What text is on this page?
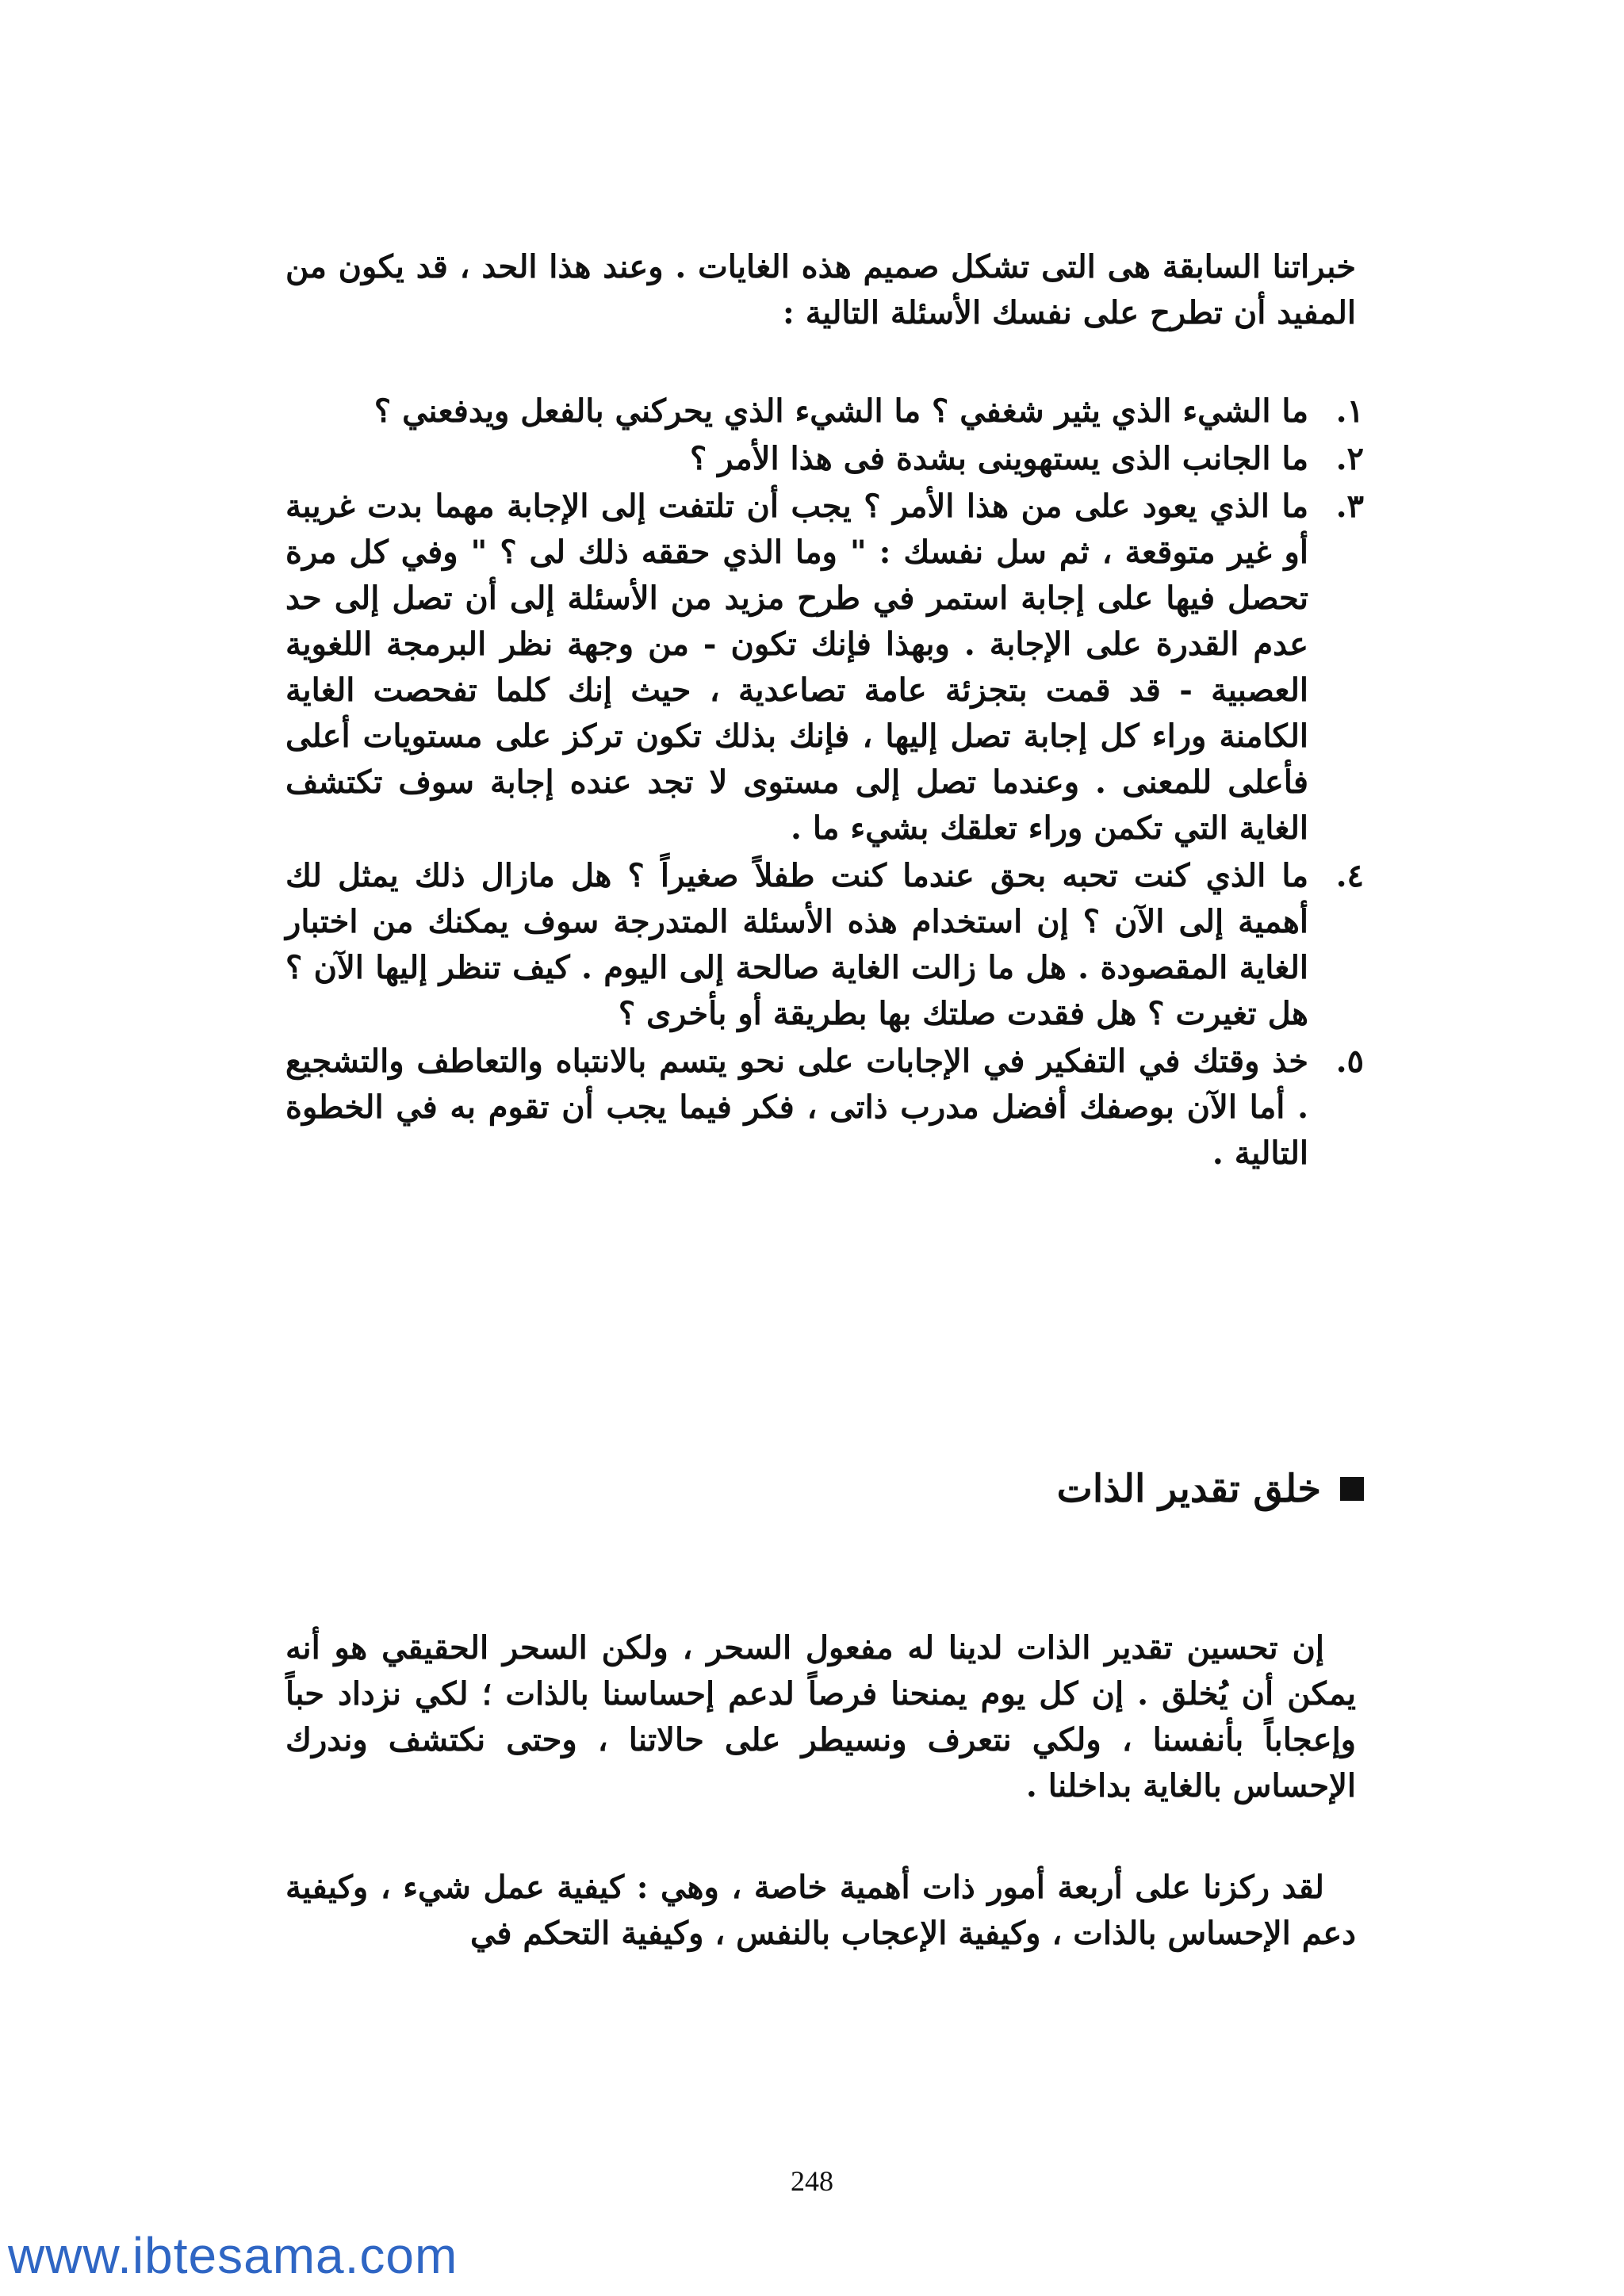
خبراتنا السابقة هى التى تشكل صميم هذه الغايات . وعند هذا الحد ، قد يكون من المفيد أن تطرح على نفسك الأسئلة التالية :

١.
ما الشيء الذي يثير شغفي ؟ ما الشيء الذي يحركني بالفعل ويدفعني ؟
٢.
ما الجانب الذى يستهوينى بشدة فى هذا الأمر ؟
٣.
ما الذي يعود على من هذا الأمر ؟ يجب أن تلتفت إلى الإجابة مهما بدت غريبة أو غير متوقعة ، ثم سل نفسك : " وما الذي حققه ذلك لى ؟ " وفي كل مرة تحصل فيها على إجابة استمر في طرح مزيد من الأسئلة إلى أن تصل إلى حد عدم القدرة على الإجابة . وبهذا فإنك تكون - من وجهة نظر البرمجة اللغوية العصبية - قد قمت بتجزئة عامة تصاعدية ، حيث إنك كلما تفحصت الغاية الكامنة وراء كل إجابة تصل إليها ، فإنك بذلك تكون تركز على مستويات أعلى فأعلى للمعنى . وعندما تصل إلى مستوى لا تجد عنده إجابة سوف تكتشف الغاية التي تكمن وراء تعلقك بشيء ما .
٤.
ما الذي كنت تحبه بحق عندما كنت طفلاً صغيراً ؟ هل مازال ذلك يمثل لك أهمية إلى الآن ؟ إن استخدام هذه الأسئلة المتدرجة سوف يمكنك من اختبار الغاية المقصودة . هل ما زالت الغاية صالحة إلى اليوم . كيف تنظر إليها الآن ؟ هل تغيرت ؟ هل فقدت صلتك بها بطريقة أو بأخرى ؟
٥.
خذ وقتك في التفكير في الإجابات على نحو يتسم بالانتباه والتعاطف والتشجيع . أما الآن بوصفك أفضل مدرب ذاتى ، فكر فيما يجب أن تقوم به في الخطوة التالية .
خلق تقدير الذات

إن تحسين تقدير الذات لدينا له مفعول السحر ، ولكن السحر الحقيقي هو أنه يمكن أن يُخلق . إن كل يوم يمنحنا فرصاً لدعم إحساسنا بالذات ؛ لكي نزداد حباً وإعجاباً بأنفسنا ، ولكي نتعرف ونسيطر على حالاتنا ، وحتى نكتشف وندرك الإحساس بالغاية بداخلنا .

لقد ركزنا على أربعة أمور ذات أهمية خاصة ، وهي : كيفية عمل شيء ، وكيفية دعم الإحساس بالذات ، وكيفية الإعجاب بالنفس ، وكيفية التحكم في

248
www.ibtesama.com
